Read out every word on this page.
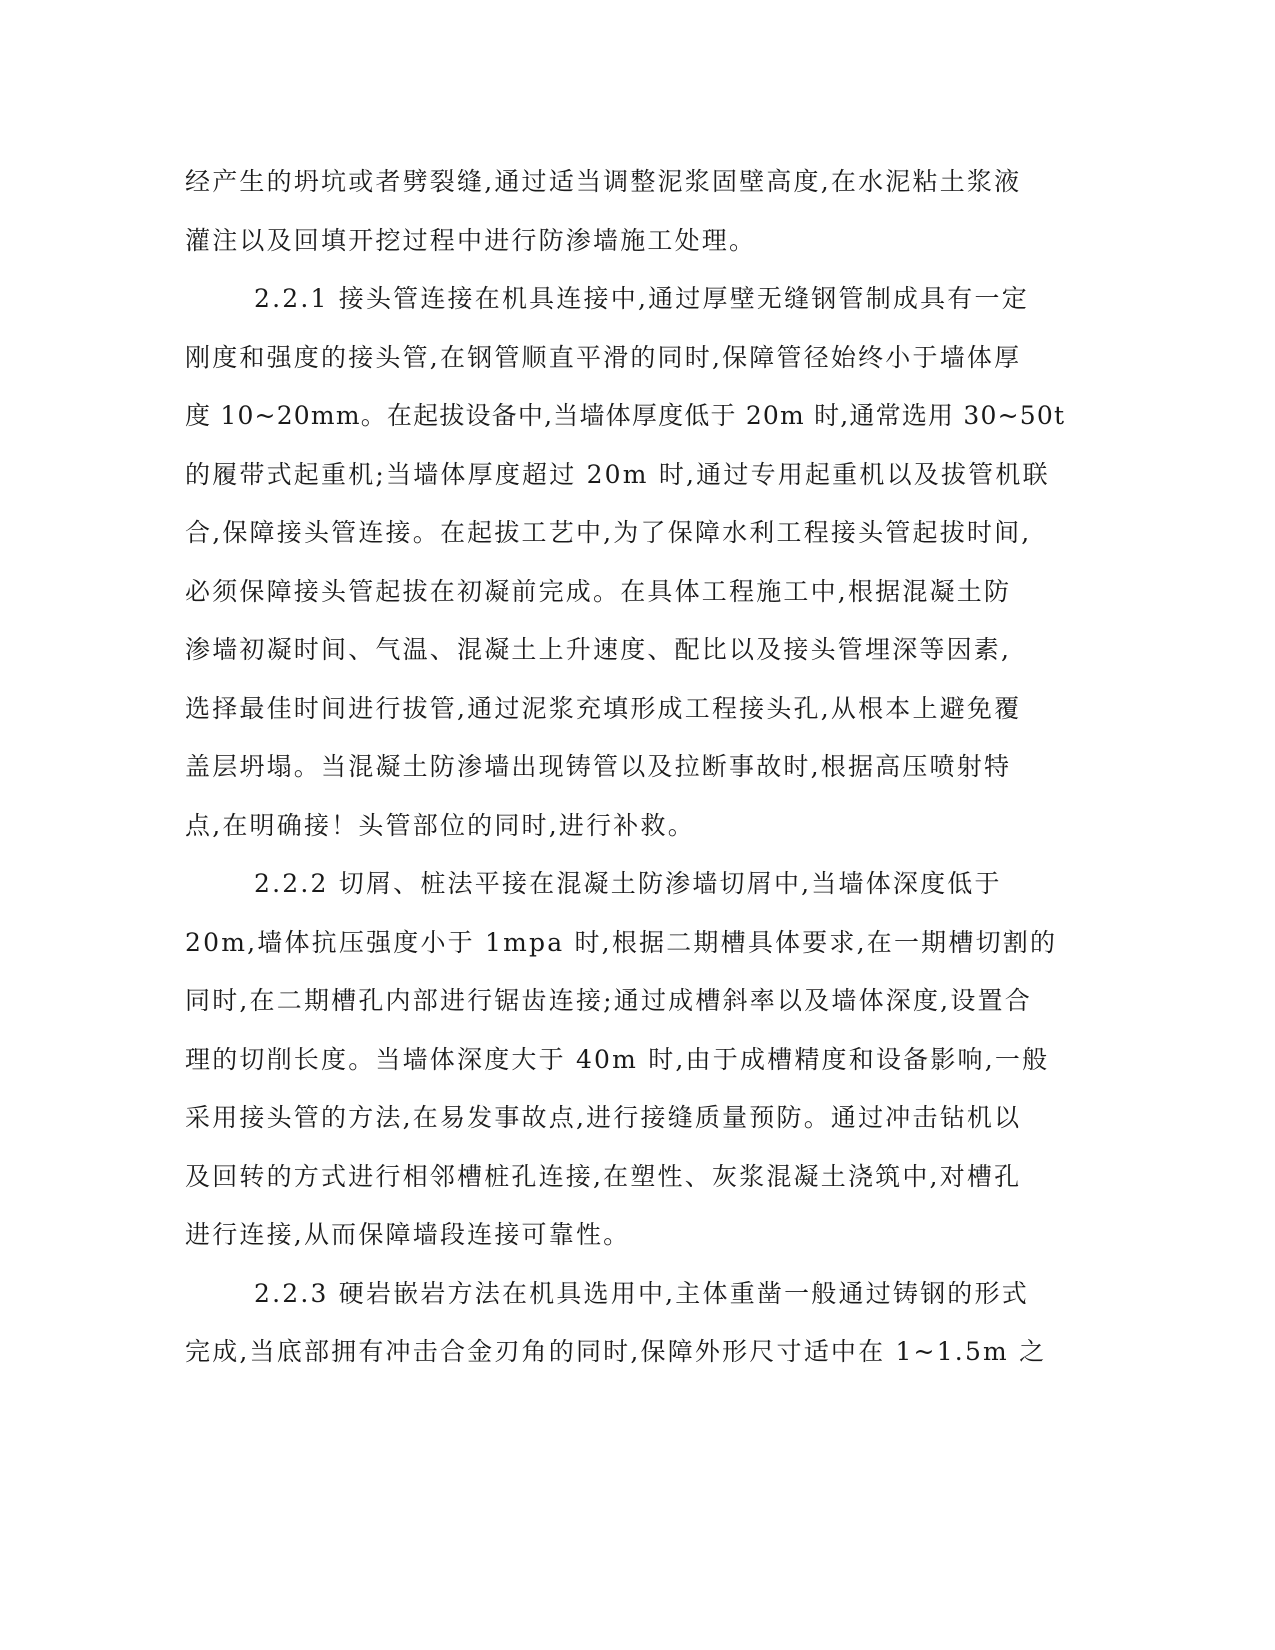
经产生的坍坑或者劈裂缝,通过适当调整泥浆固壁高度,在水泥粘土浆液
灌注以及回填开挖过程中进行防渗墙施工处理。
2.2.1 接头管连接在机具连接中,通过厚壁无缝钢管制成具有一定
刚度和强度的接头管,在钢管顺直平滑的同时,保障管径始终小于墙体厚
度 10~20mm。在起拔设备中,当墙体厚度低于 20m 时,通常选用 30~50t
的履带式起重机;当墙体厚度超过 20m 时,通过专用起重机以及拔管机联
合,保障接头管连接。在起拔工艺中,为了保障水利工程接头管起拔时间,
必须保障接头管起拔在初凝前完成。在具体工程施工中,根据混凝土防
渗墙初凝时间、气温、混凝土上升速度、配比以及接头管埋深等因素,
选择最佳时间进行拔管,通过泥浆充填形成工程接头孔,从根本上避免覆
盖层坍塌。当混凝土防渗墙出现铸管以及拉断事故时,根据高压喷射特
点,在明确接！头管部位的同时,进行补救。
2.2.2 切屑、桩法平接在混凝土防渗墙切屑中,当墙体深度低于
20m,墙体抗压强度小于 1mpa 时,根据二期槽具体要求,在一期槽切割的
同时,在二期槽孔内部进行锯齿连接;通过成槽斜率以及墙体深度,设置合
理的切削长度。当墙体深度大于 40m 时,由于成槽精度和设备影响,一般
采用接头管的方法,在易发事故点,进行接缝质量预防。通过冲击钻机以
及回转的方式进行相邻槽桩孔连接,在塑性、灰浆混凝土浇筑中,对槽孔
进行连接,从而保障墙段连接可靠性。
2.2.3 硬岩嵌岩方法在机具选用中,主体重凿一般通过铸钢的形式
完成,当底部拥有冲击合金刃角的同时,保障外形尺寸适中在 1~1.5m 之
